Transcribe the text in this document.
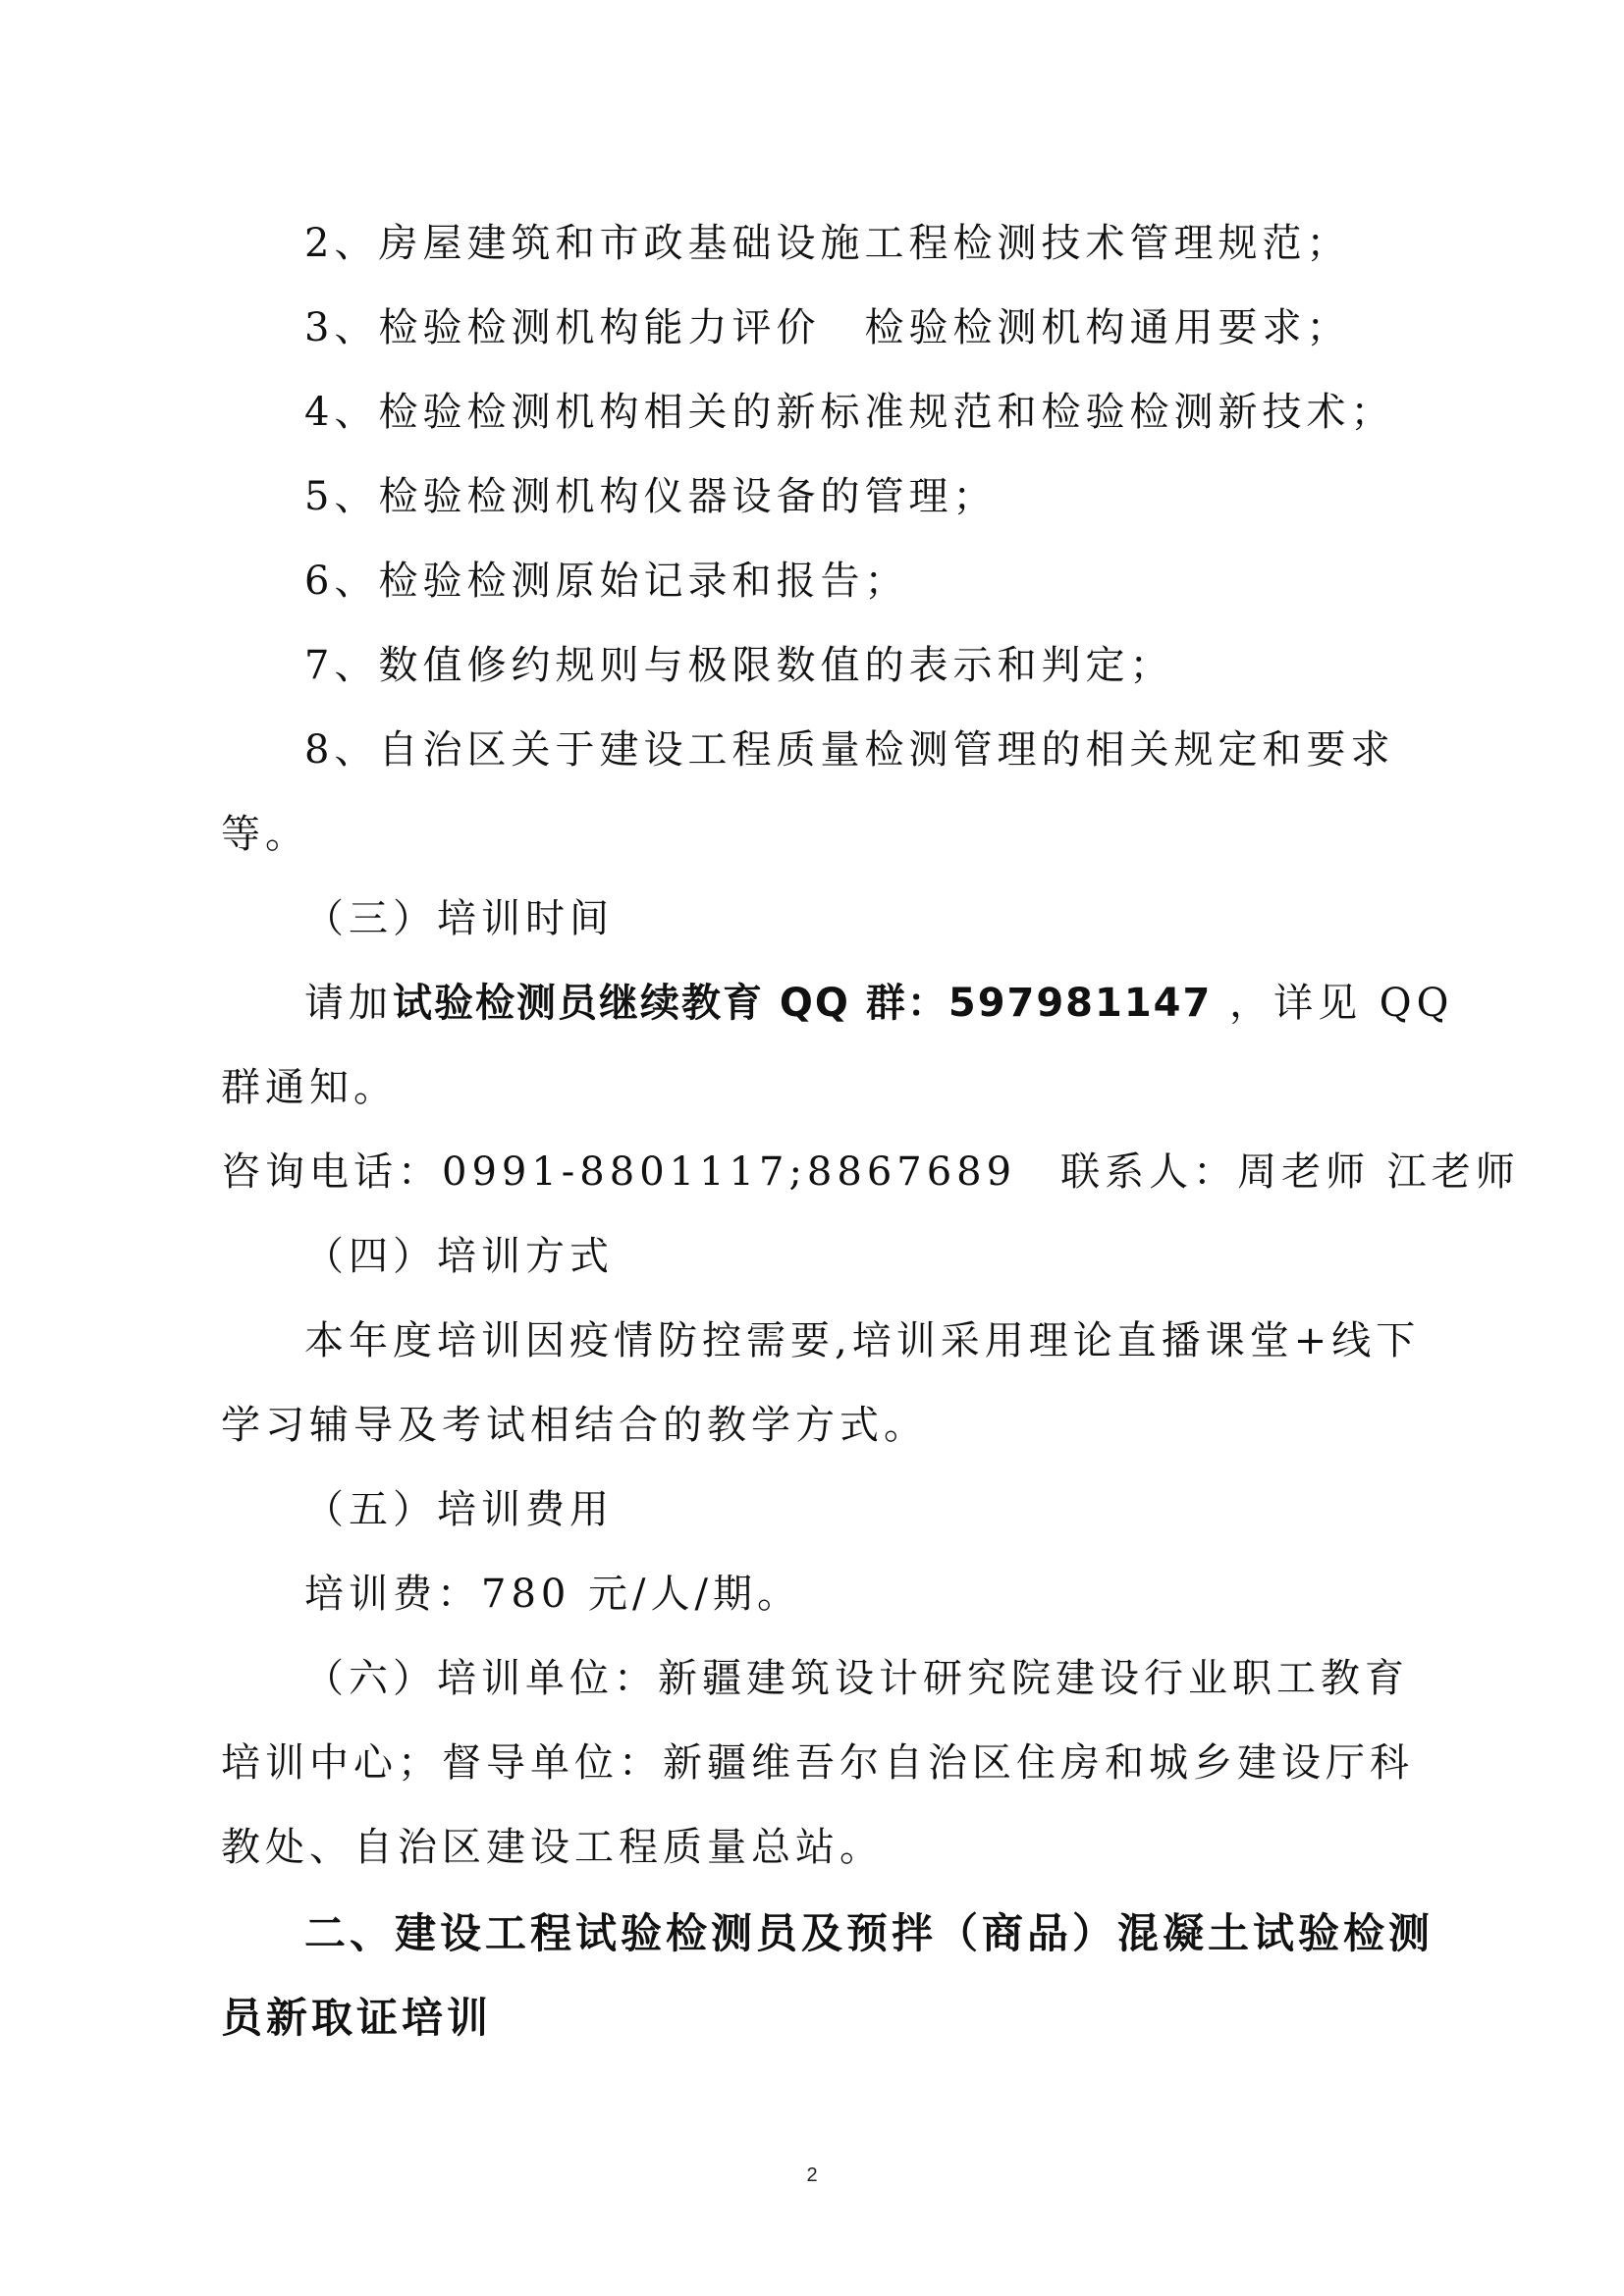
2、房屋建筑和市政基础设施工程检测技术管理规范；
3、检验检测机构能力评价　检验检测机构通用要求；
4、检验检测机构相关的新标准规范和检验检测新技术；
5、检验检测机构仪器设备的管理；
6、检验检测原始记录和报告；
7、数值修约规则与极限数值的表示和判定；
8、自治区关于建设工程质量检测管理的相关规定和要求
等。
（三）培训时间
请加试验检测员继续教育 QQ 群：597981147 ，详见 QQ
群通知。
咨询电话：0991-8801117;8867689　联系人：周老师 江老师
（四）培训方式
本年度培训因疫情防控需要,培训采用理论直播课堂+线下
学习辅导及考试相结合的教学方式。
（五）培训费用
培训费：780 元/人/期。
（六）培训单位：新疆建筑设计研究院建设行业职工教育
培训中心；督导单位：新疆维吾尔自治区住房和城乡建设厅科
教处、自治区建设工程质量总站。
二、建设工程试验检测员及预拌（商品）混凝土试验检测
员新取证培训
2
